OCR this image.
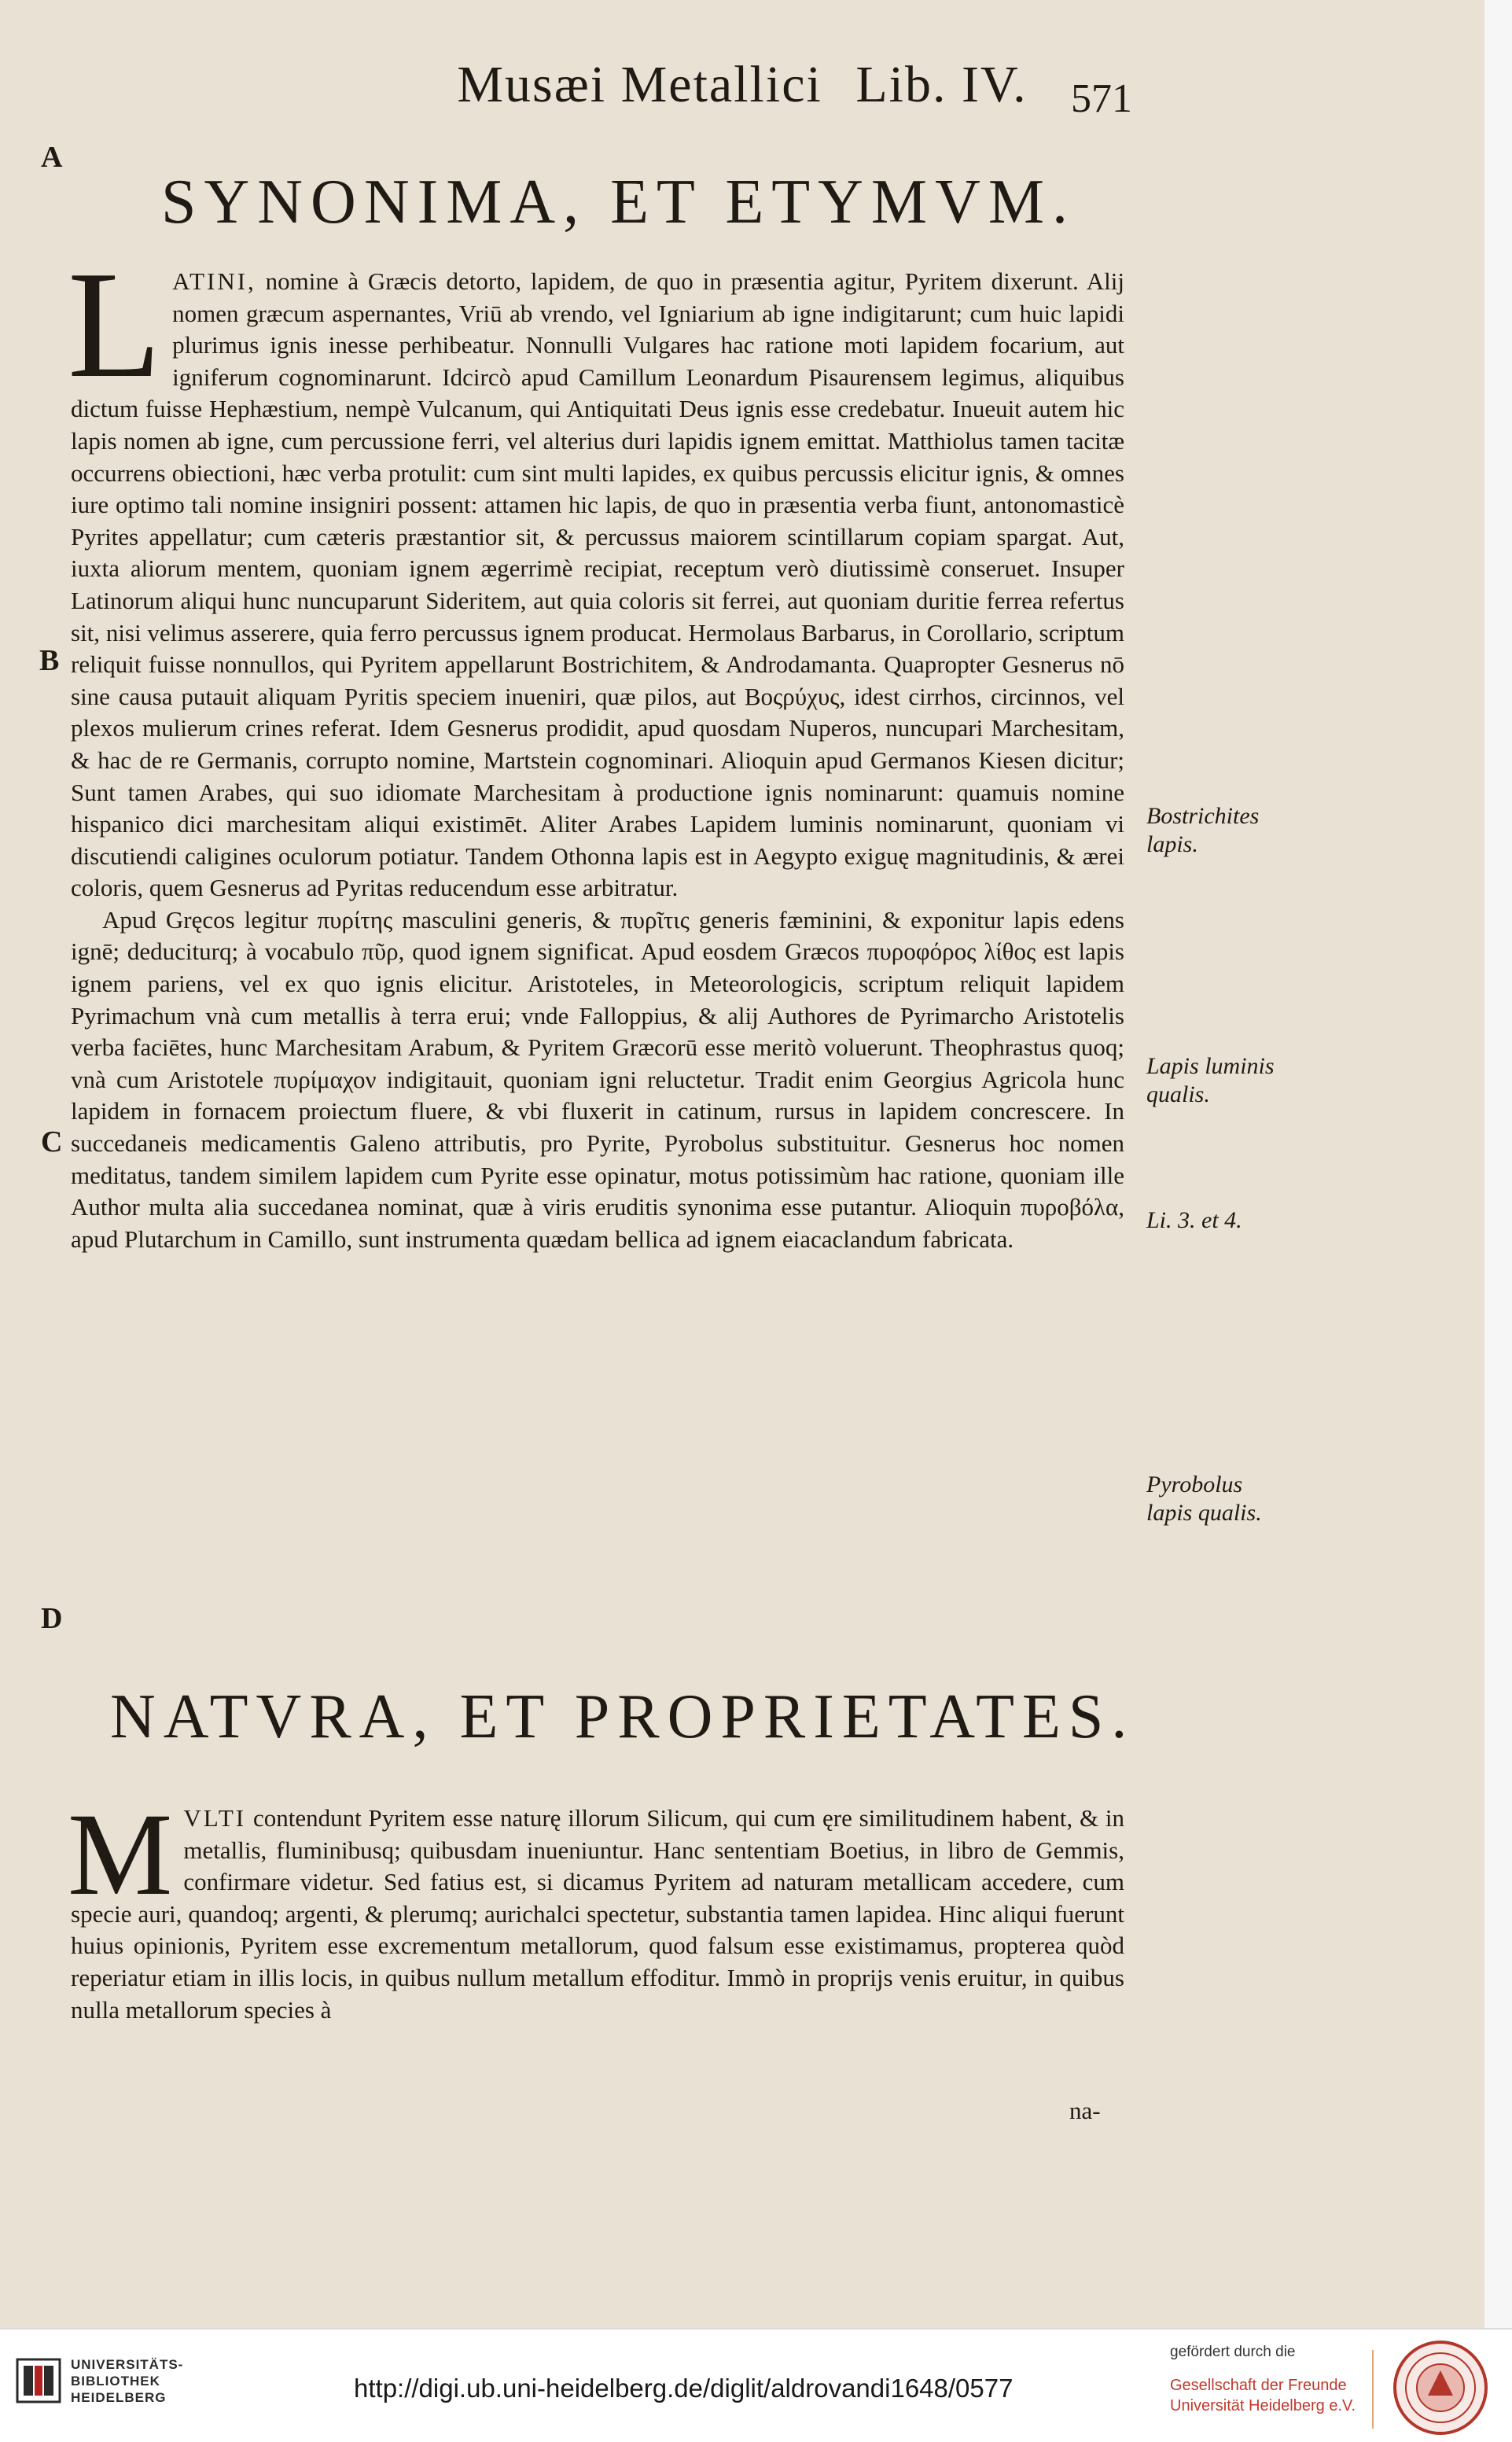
Musæi Metallici Lib. IV.	571
A
B
C
D
SYNONIMA, ET ETYMVM.

L ATINI, nomine à Græcis detorto, lapidem, de quo in præsentia agitur, Pyritem dixerunt. Alij nomen græcum aspernantes, Vriū ab vrendo, vel Igniarium ab igne indigitarunt; cum huic lapidi plurimus ignis inesse perhibeatur. Nonnulli Vulgares hac ratione moti lapidem focarium, aut igniferum cognominarunt. Idcircò apud Camillum Leonardum Pisaurensem legimus, aliquibus dictum fuisse Hephæstium, nempè Vulcanum, qui Antiquitati Deus ignis esse credebatur. Inueuit autem hic lapis nomen ab igne, cum percussione ferri, vel alterius duri lapidis ignem emittat. Matthiolus tamen tacitæ occurrens obiectioni, hæc verba protulit: cum sint multi lapides, ex quibus percussis elicitur ignis, & omnes iure optimo tali nomine insigniri possent: attamen hic lapis, de quo in præsentia verba fiunt, antonomasticè Pyrites appellatur; cum cæteris præstantior sit, & percussus maiorem scintillarum copiam spargat. Aut, iuxta aliorum mentem, quoniam ignem ægerrimè recipiat, receptum verò diutissimè conseruet. Insuper Latinorum aliqui hunc nuncuparunt Sideritem, aut quia coloris sit ferrei, aut quoniam duritie ferrea refertus sit, nisi velimus asserere, quia ferro percussus ignem producat. Hermolaus Barbarus, in Corollario, scriptum reliquit fuisse nonnullos, qui Pyritem appellarunt Bostrichitem, & Androdamanta. Quapropter Gesnerus nō sine causa putauit aliquam Pyritis speciem inueniri, quæ pilos, aut Βοςρύχυς, idest cirrhos, circinnos, vel plexos mulierum crines referat. Idem Gesnerus prodidit, apud quosdam Nuperos, nuncupari Marchesitam, & hac de re Germanis, corrupto nomine, Martstein cognominari. Alioquin apud Germanos Kiesen dicitur; Sunt tamen Arabes, qui suo idiomate Marchesitam à productione ignis nominarunt: quamuis nomine hispanico dici marchesitam aliqui existimēt. Aliter Arabes Lapidem luminis nominarunt, quoniam vi discutiendi caligines oculorum potiatur. Tandem Othonna lapis est in Aegypto exiguę magnitudinis, & ærei coloris, quem Gesnerus ad Pyritas reducendum esse arbitratur.

Apud Gręcos legitur πυρίτης masculini generis, & πυρῖτις generis fæminini, & exponitur lapis edens ignē; deduciturq; à vocabulo πῦρ, quod ignem significat. Apud eosdem Græcos πυροφόρος λίθος est lapis ignem pariens, vel ex quo ignis elicitur. Aristoteles, in Meteorologicis, scriptum reliquit lapidem Pyrimachum vnà cum metallis à terra erui; vnde Falloppius, & alij Authores de Pyrimarcho Aristotelis verba faciētes, hunc Marchesitam Arabum, & Pyritem Græcorū esse meritò voluerunt. Theophrastus quoq; vnà cum Aristotele πυρίμαχον indigitauit, quoniam igni reluctetur. Tradit enim Georgius Agricola hunc lapidem in fornacem proiectum fluere, & vbi fluxerit in catinum, rursus in lapidem concrescere. In succedaneis medicamentis Galeno attributis, pro Pyrite, Pyrobolus substituitur. Gesnerus hoc nomen meditatus, tandem similem lapidem cum Pyrite esse opinatur, motus potissimùm hac ratione, quoniam ille Author multa alia succedanea nominat, quæ à viris eruditis synonima esse putantur. Alioquin πυροβόλα, apud Plutarchum in Camillo, sunt instrumenta quædam bellica ad ignem eiacaclandum fabricata.

Bostrichites lapis.
Lapis luminis qualis.
Li. 3. et 4.
Pyrobolus lapis qualis.
NATVRA, ET PROPRIETATES.

M VLTI contendunt Pyritem esse naturę illorum Silicum, qui cum ęre similitudinem habent, & in metallis, fluminibusq; quibusdam inueniuntur. Hanc sententiam Boetius, in libro de Gemmis, confirmare videtur. Sed fatius est, si dicamus Pyritem ad naturam metallicam accedere, cum specie auri, quandoq; argenti, & plerumq; aurichalci spectetur, substantia tamen lapidea. Hinc aliqui fuerunt huius opinionis, Pyritem esse excrementum metallorum, quod falsum esse existimamus, propterea quòd reperiatur etiam in illis locis, in quibus nullum metallum effoditur. Immò in proprijs venis eruitur, in quibus nulla metallorum species à

na-
UNIVERSITÄTS-
BIBLIOTHEK
HEIDELBERG	http://digi.ub.uni-heidelberg.de/diglit/aldrovandi1648/0577
gefördert durch die
Gesellschaft der Freunde
Universität Heidelberg e.V.
